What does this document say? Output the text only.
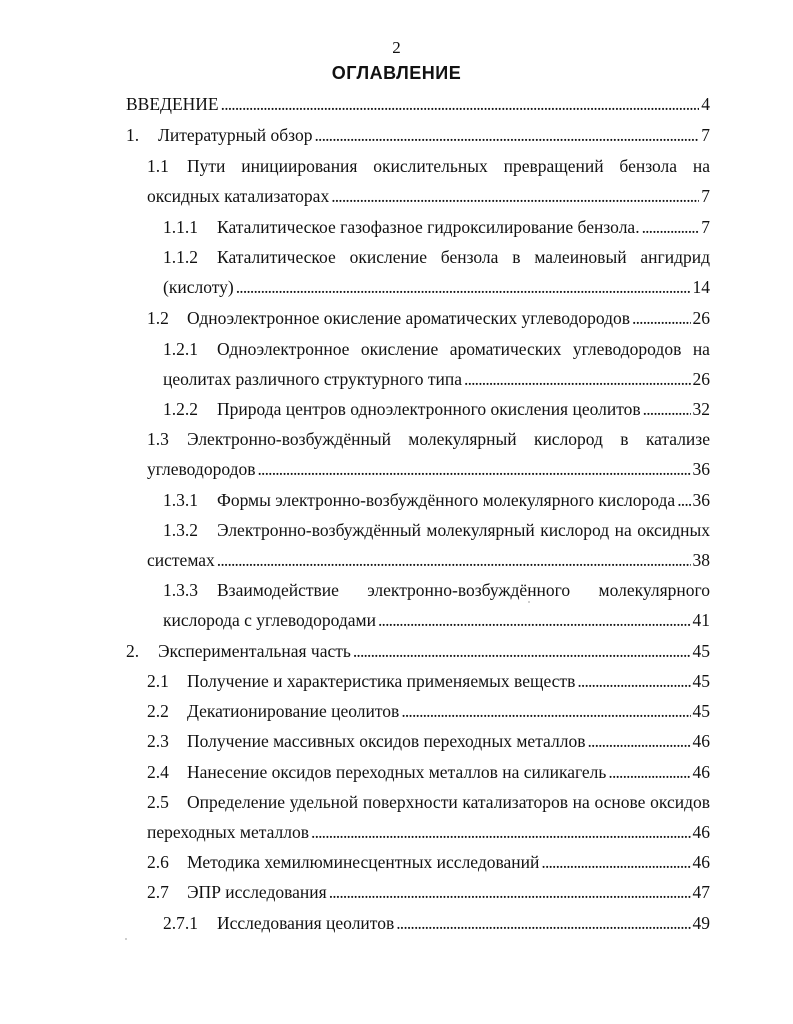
2
ОГЛАВЛЕНИЕ
ВВЕДЕНИЕ . . .	4
1.	Литературный обзор . . .	7
1.1	Пути инициирования окислительных превращений бензола на
оксидных катализаторах . . .	7
1.1.1	Каталитическое газофазное гидроксилирование бензола. . . .	7
1.1.2	Каталитическое окисление бензола в малеиновый ангидрид
(кислоту) . . .	14
1.2	Одноэлектронное окисление ароматических углеводородов . . .	26
1.2.1	Одноэлектронное окисление ароматических углеводородов на
цеолитах различного структурного типа . . .	26
1.2.2	Природа центров одноэлектронного окисления цеолитов . . .	32
1.3	Электронно-возбуждённый молекулярный кислород в катализе
углеводородов . . .	36
1.3.1	Формы электронно-возбуждённого молекулярного кислорода . . . 36
1.3.2	Электронно-возбуждённый молекулярный кислород на оксидных
системах . . .	38
1.3.3	Взаимодействие электронно-возбуждённого молекулярного
кислорода с углеводородами . . .	41
2.	Экспериментальная часть . . .	45
2.1	Получение и характеристика применяемых веществ . . .	45
2.2	Декатионирование цеолитов . . .	45
2.3	Получение массивных оксидов переходных металлов . . .	46
2.4	Нанесение оксидов переходных металлов на силикагель . . .	46
2.5	Определение удельной поверхности катализаторов на основе оксидов
переходных металлов . . .	46
2.6	Методика хемилюминесцентных исследований . . .	46
2.7	ЭПР исследования . . .	47
2.7.1	Исследования цеолитов . . .	49
